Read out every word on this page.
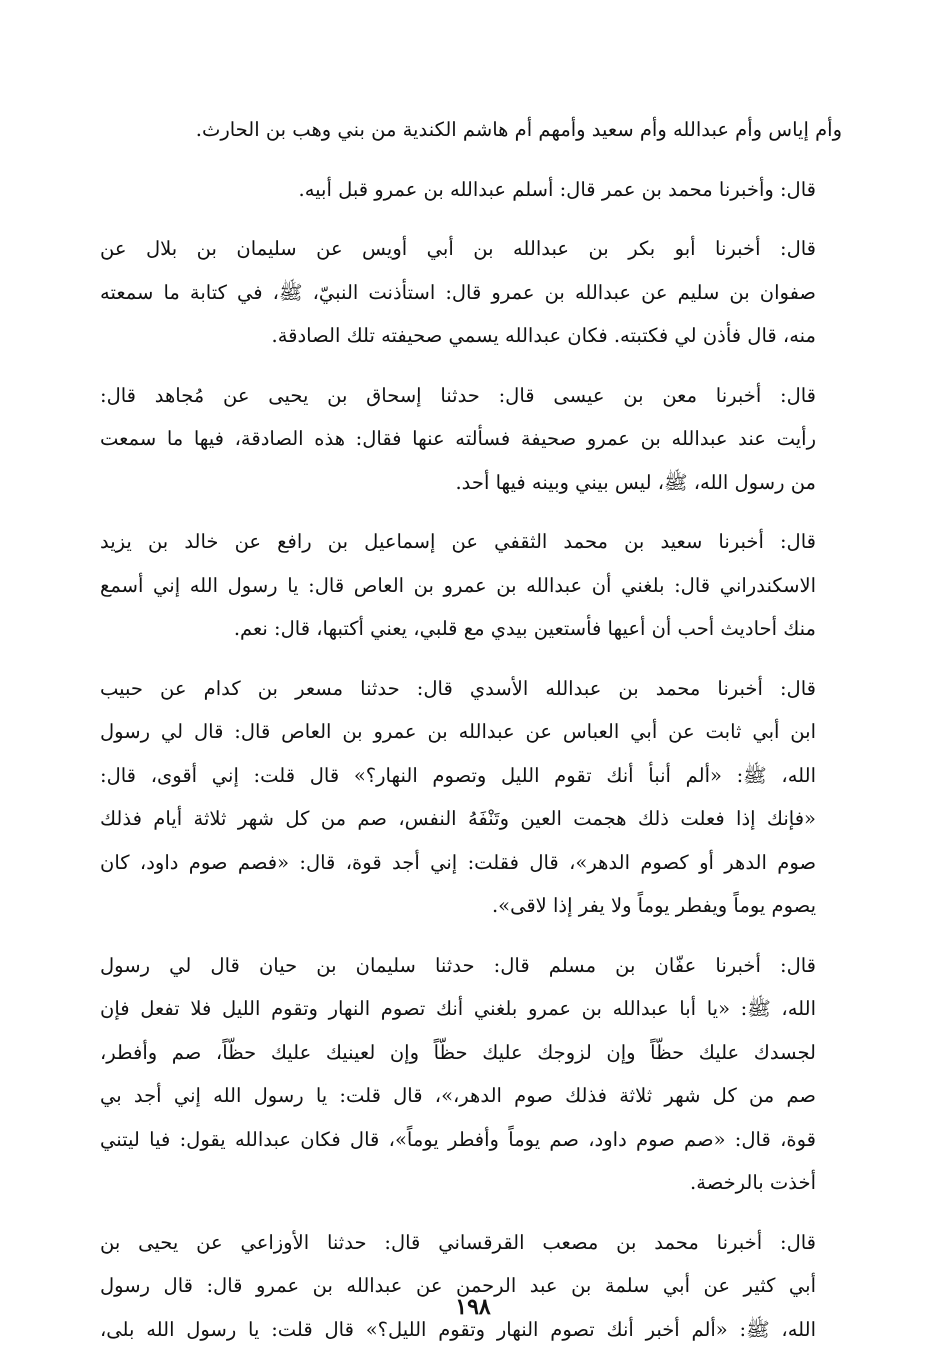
وأم إياس وأم عبدالله وأم سعيد وأمهم أم هاشم الكندية من بني وهب بن الحارث.

قال: وأخبرنا محمد بن عمر قال: أسلم عبدالله بن عمرو قبل أبيه.

قال: أخبرنا أبو بكر بن عبدالله بن أبي أويس عن سليمان بن بلال عن
صفوان بن سليم عن عبدالله بن عمرو قال: استأذنت النبيّ، ﷺ، في كتابة ما سمعته
منه، قال فأذن لي فكتبته. فكان عبدالله يسمي صحيفته تلك الصادقة.

قال: أخبرنا معن بن عيسى قال: حدثنا إسحاق بن يحيى عن مُجاهد قال:
رأيت عند عبدالله بن عمرو صحيفة فسألته عنها فقال: هذه الصادقة، فيها ما سمعت
من رسول الله، ﷺ، ليس بيني وبينه فيها أحد.

قال: أخبرنا سعيد بن محمد الثقفي عن إسماعيل بن رافع عن خالد بن يزيد
الاسكندراني قال: بلغني أن عبدالله بن عمرو بن العاص قال: يا رسول الله إني أسمع
منك أحاديث أحب أن أعيها فأستعين بيدي مع قلبي، يعني أكتبها، قال: نعم.

قال: أخبرنا محمد بن عبدالله الأسدي قال: حدثنا مسعر بن كدام عن حبيب
ابن أبي ثابت عن أبي العباس عن عبدالله بن عمرو بن العاص قال: قال لي رسول
الله، ﷺ: «ألم أنبأ أنك تقوم الليل وتصوم النهار؟» قال قلت: إني أقوى، قال:
«فإنك إذا فعلت ذلك هجمت العين وتَنْفَهُ النفس، صم من كل شهر ثلاثة أيام فذلك
صوم الدهر أو كصوم الدهر»، قال فقلت: إني أجد قوة، قال: «فصم صوم داود، كان
يصوم يوماً ويفطر يوماً ولا يفر إذا لاقى».

قال: أخبرنا عفّان بن مسلم قال: حدثنا سليمان بن حيان قال لي رسول
الله، ﷺ: «يا أبا عبدالله بن عمرو بلغني أنك تصوم النهار وتقوم الليل فلا تفعل فإن
لجسدك عليك حظّاً وإن لزوجك عليك حظّاً وإن لعينيك عليك حظّاً، صم وأفطر،
صم من كل شهر ثلاثة فذلك صوم الدهر،»، قال قلت: يا رسول الله إني أجد بي
قوة، قال: «صم صوم داود، صم يوماً وأفطر يوماً»، قال فكان عبدالله يقول: فيا ليتني
أخذت بالرخصة.

قال: أخبرنا محمد بن مصعب القرقساني قال: حدثنا الأوزاعي عن يحيى بن
أبي كثير عن أبي سلمة بن عبد الرحمن عن عبدالله بن عمرو قال: قال رسول
الله، ﷺ: «ألم أخبر أنك تصوم النهار وتقوم الليل؟» قال قلت: يا رسول الله بلى،

١٩٨
